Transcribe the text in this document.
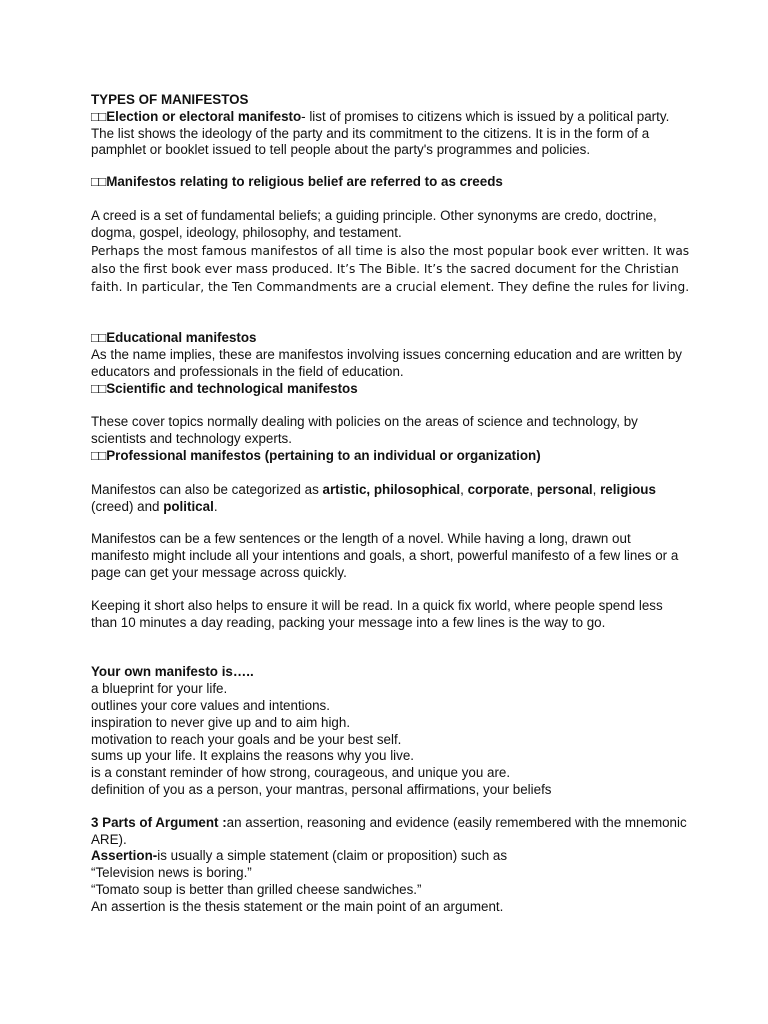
TYPES OF MANIFESTOS

□□Election or electoral manifesto- list of promises to citizens which is issued by a political party. The list shows the ideology of the party and its commitment to the citizens. It is in the form of a pamphlet or booklet issued to tell people about the party's programmes and policies.

□□Manifestos relating to religious belief are referred to as creeds

A creed is a set of fundamental beliefs; a guiding principle. Other synonyms are credo, doctrine, dogma, gospel, ideology, philosophy, and testament.

Perhaps the most famous manifestos of all time is also the most popular book ever written. It was also the first book ever mass produced. It’s The Bible. It’s the sacred document for the Christian faith. In particular, the Ten Commandments are a crucial element. They define the rules for living.

□□Educational manifestos

As the name implies, these are manifestos involving issues concerning education and are written by educators and professionals in the field of education.

□□Scientific and technological manifestos

These cover topics normally dealing with policies on the areas of science and technology, by scientists and technology experts.

□□Professional manifestos (pertaining to an individual or organization)

Manifestos can also be categorized as artistic, philosophical, corporate, personal, religious (creed) and political.

Manifestos can be a few sentences or the length of a novel. While having a long, drawn out manifesto might include all your intentions and goals, a short, powerful manifesto of a few lines or a page can get your message across quickly.

Keeping it short also helps to ensure it will be read. In a quick fix world, where people spend less than 10 minutes a day reading, packing your message into a few lines is the way to go.

Your own manifesto is…..

a blueprint for your life.

outlines your core values and intentions.

inspiration to never give up and to aim high.

motivation to reach your goals and be your best self.

sums up your life. It explains the reasons why you live.

is a constant reminder of how strong, courageous, and unique you are.

definition of you as a person, your mantras, personal affirmations, your beliefs

3 Parts of Argument :an assertion, reasoning and evidence (easily remembered with the mnemonic ARE).

Assertion-is usually a simple statement (claim or proposition) such as

“Television news is boring.”

“Tomato soup is better than grilled cheese sandwiches.”

An assertion is the thesis statement or the main point of an argument.
